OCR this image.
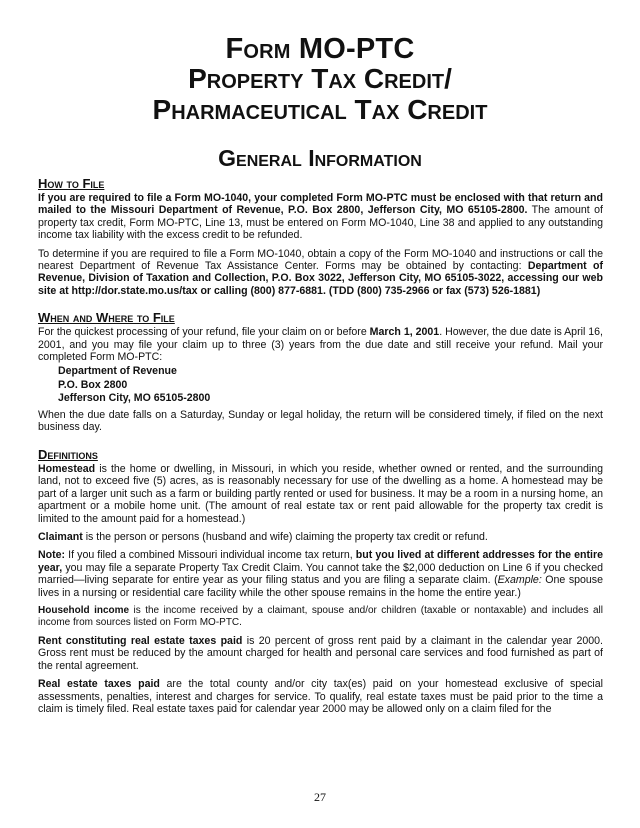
Form MO-PTC
Property Tax Credit/
Pharmaceutical Tax Credit
General Information
How to File

If you are required to file a Form MO-1040, your completed Form MO-PTC must be enclosed with that return and mailed to the Missouri Department of Revenue, P.O. Box 2800, Jefferson City, MO 65105-2800. The amount of property tax credit, Form MO-PTC, Line 13, must be entered on Form MO-1040, Line 38 and applied to any outstanding income tax liability with the excess credit to be refunded.

To determine if you are required to file a Form MO-1040, obtain a copy of the Form MO-1040 and instructions or call the nearest Department of Revenue Tax Assistance Center. Forms may be obtained by contacting: Department of Revenue, Division of Taxation and Collection, P.O. Box 3022, Jefferson City, MO 65105-3022, accessing our web site at http://dor.state.mo.us/tax or calling (800) 877-6881. (TDD (800) 735-2966 or fax (573) 526-1881)

When and Where to File

For the quickest processing of your refund, file your claim on or before March 1, 2001. However, the due date is April 16, 2001, and you may file your claim up to three (3) years from the due date and still receive your refund. Mail your completed Form MO-PTC:

Department of Revenue
P.O. Box 2800
Jefferson City, MO 65105-2800

When the due date falls on a Saturday, Sunday or legal holiday, the return will be considered timely, if filed on the next business day.

Definitions

Homestead is the home or dwelling, in Missouri, in which you reside, whether owned or rented, and the surrounding land, not to exceed five (5) acres, as is reasonably necessary for use of the dwelling as a home. A homestead may be part of a larger unit such as a farm or building partly rented or used for business. It may be a room in a nursing home, an apartment or a mobile home unit. (The amount of real estate tax or rent paid allowable for the property tax credit is limited to the amount paid for a homestead.)

Claimant is the person or persons (husband and wife) claiming the property tax credit or refund.

Note: If you filed a combined Missouri individual income tax return, but you lived at different addresses for the entire year, you may file a separate Property Tax Credit Claim. You cannot take the $2,000 deduction on Line 6 if you checked married—living separate for entire year as your filing status and you are filing a separate claim. (Example: One spouse lives in a nursing or residential care facility while the other spouse remains in the home the entire year.)

Household income is the income received by a claimant, spouse and/or children (taxable or nontaxable) and includes all income from sources listed on Form MO-PTC.

Rent constituting real estate taxes paid is 20 percent of gross rent paid by a claimant in the calendar year 2000. Gross rent must be reduced by the amount charged for health and personal care services and food furnished as part of the rental agreement.

Real estate taxes paid are the total county and/or city tax(es) paid on your homestead exclusive of special assessments, penalties, interest and charges for service. To qualify, real estate taxes must be paid prior to the time a claim is timely filed. Real estate taxes paid for calendar year 2000 may be allowed only on a claim filed for the

27
